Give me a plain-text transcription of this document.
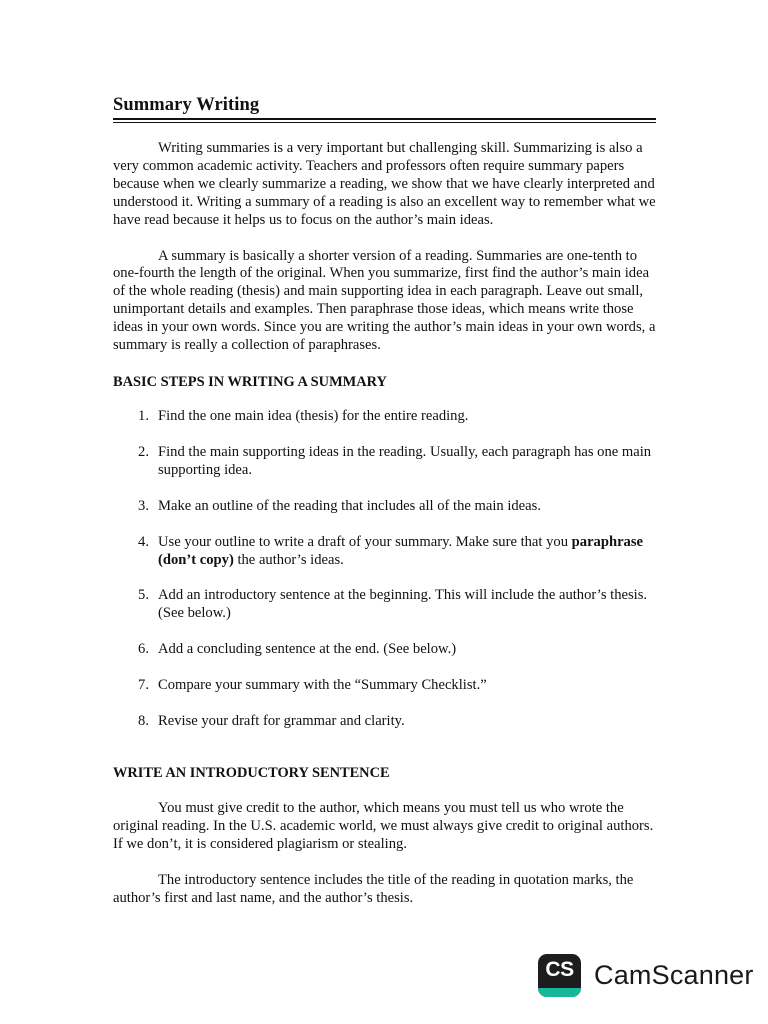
Summary Writing

Writing summaries is a very important but challenging skill. Summarizing is also a very common academic activity. Teachers and professors often require summary papers because when we clearly summarize a reading, we show that we have clearly interpreted and understood it. Writing a summary of a reading is also an excellent way to remember what we have read because it helps us to focus on the author’s main ideas.

A summary is basically a shorter version of a reading. Summaries are one-tenth to one-fourth the length of the original. When you summarize, first find the author’s main idea of the whole reading (thesis) and main supporting idea in each paragraph. Leave out small, unimportant details and examples. Then paraphrase those ideas, which means write those ideas in your own words. Since you are writing the author’s main ideas in your own words, a summary is really a collection of paraphrases.

BASIC STEPS IN WRITING A SUMMARY
1. Find the one main idea (thesis) for the entire reading.
2. Find the main supporting ideas in the reading. Usually, each paragraph has one main supporting idea.
3. Make an outline of the reading that includes all of the main ideas.
4. Use your outline to write a draft of your summary. Make sure that you paraphrase (don’t copy) the author’s ideas.
5. Add an introductory sentence at the beginning. This will include the author’s thesis. (See below.)
6. Add a concluding sentence at the end. (See below.)
7. Compare your summary with the “Summary Checklist.”
8. Revise your draft for grammar and clarity.
WRITE AN INTRODUCTORY SENTENCE

You must give credit to the author, which means you must tell us who wrote the original reading. In the U.S. academic world, we must always give credit to original authors. If we don’t, it is considered plagiarism or stealing.

The introductory sentence includes the title of the reading in quotation marks, the author’s first and last name, and the author’s thesis.

CS CamScanner
